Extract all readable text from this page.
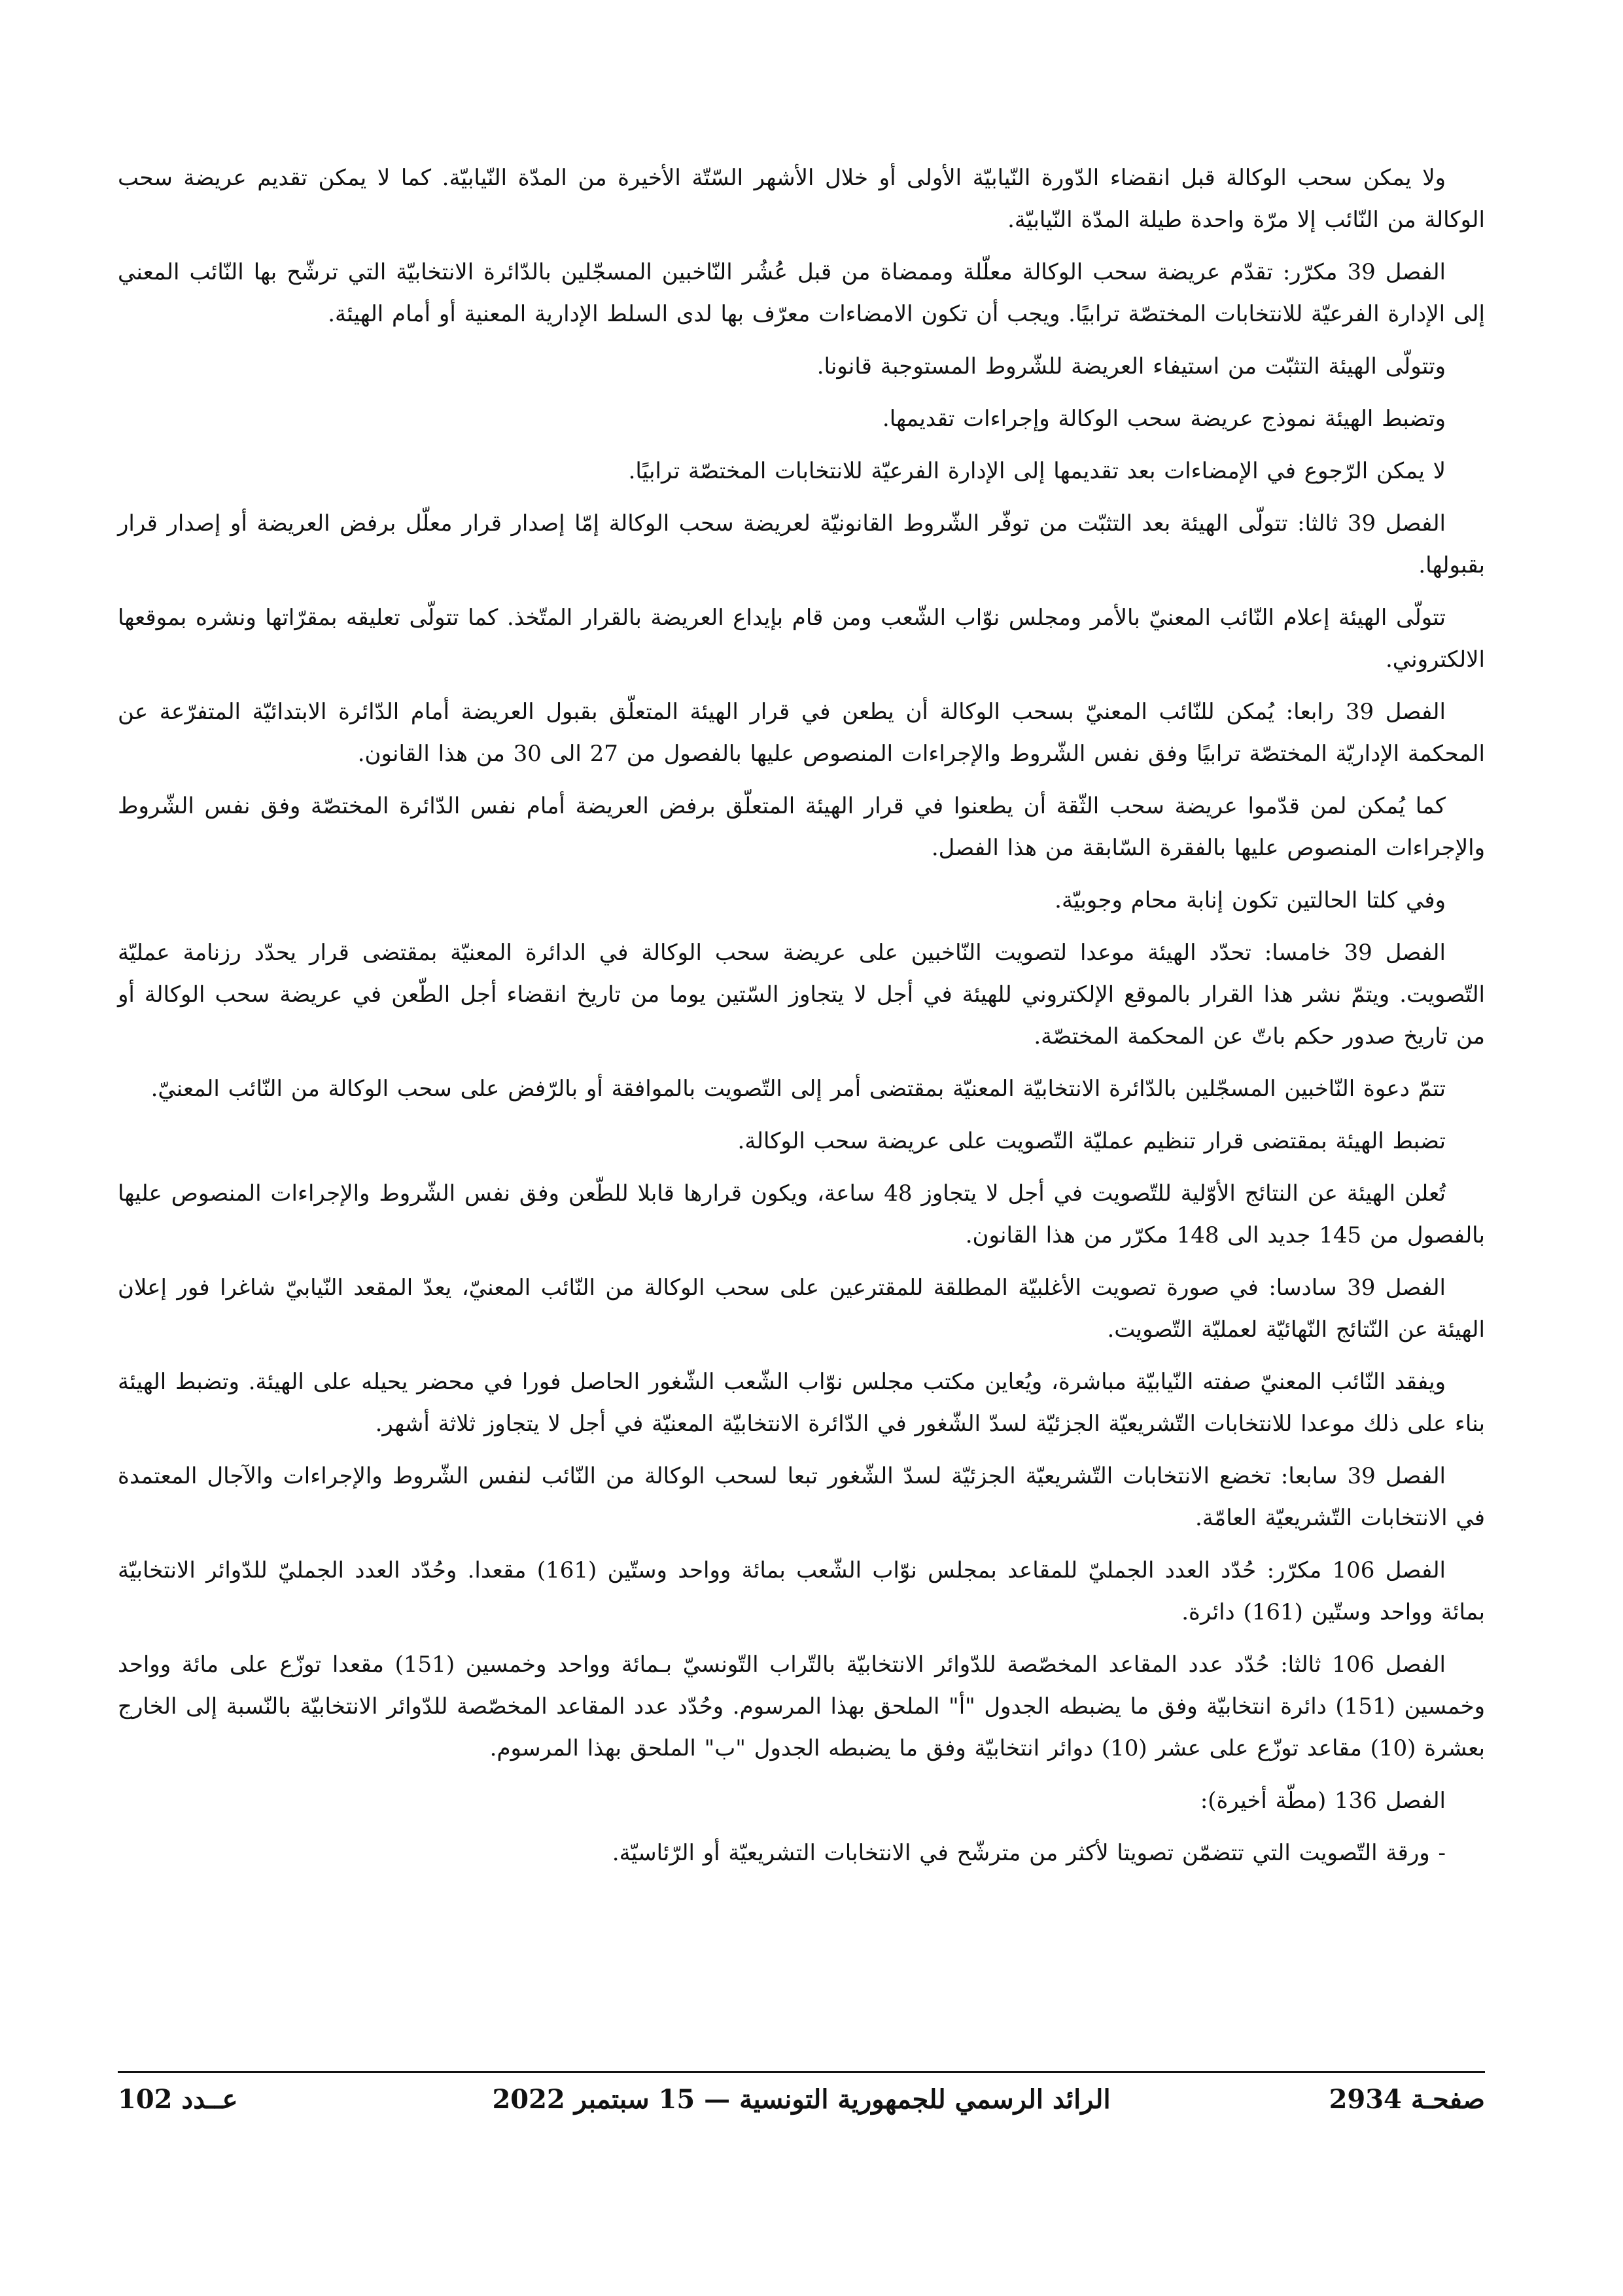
ولا يمكن سحب الوكالة قبل انقضاء الدّورة النّيابيّة الأولى أو خلال الأشهر السّتّة الأخيرة من المدّة النّيابيّة. كما لا يمكن تقديم عريضة سحب الوكالة من النّائب إلا مرّة واحدة طيلة المدّة النّيابيّة.

الفصل 39 مكرّر: تقدّم عريضة سحب الوكالة معلّلة وممضاة من قبل عُشُر النّاخبين المسجّلين بالدّائرة الانتخابيّة التي ترشّح بها النّائب المعني إلى الإدارة الفرعيّة للانتخابات المختصّة ترابيًا. ويجب أن تكون الامضاءات معرّف بها لدى السلط الإدارية المعنية أو أمام الهيئة.

وتتولّى الهيئة التثبّت من استيفاء العريضة للشّروط المستوجبة قانونا.

وتضبط الهيئة نموذج عريضة سحب الوكالة وإجراءات تقديمها.

لا يمكن الرّجوع في الإمضاءات بعد تقديمها إلى الإدارة الفرعيّة للانتخابات المختصّة ترابيًا.

الفصل 39 ثالثا: تتولّى الهيئة بعد التثبّت من توفّر الشّروط القانونيّة لعريضة سحب الوكالة إمّا إصدار قرار معلّل برفض العريضة أو إصدار قرار بقبولها.

تتولّى الهيئة إعلام النّائب المعنيّ بالأمر ومجلس نوّاب الشّعب ومن قام بإيداع العريضة بالقرار المتّخذ. كما تتولّى تعليقه بمقرّاتها ونشره بموقعها الالكتروني.

الفصل 39 رابعا: يُمكن للنّائب المعنيّ بسحب الوكالة أن يطعن في قرار الهيئة المتعلّق بقبول العريضة أمام الدّائرة الابتدائيّة المتفرّعة عن المحكمة الإداريّة المختصّة ترابيًا وفق نفس الشّروط والإجراءات المنصوص عليها بالفصول من 27 الى 30 من هذا القانون.

كما يُمكن لمن قدّموا عريضة سحب الثّقة أن يطعنوا في قرار الهيئة المتعلّق برفض العريضة أمام نفس الدّائرة المختصّة وفق نفس الشّروط والإجراءات المنصوص عليها بالفقرة السّابقة من هذا الفصل.

وفي كلتا الحالتين تكون إنابة محام وجوبيّة.

الفصل 39 خامسا: تحدّد الهيئة موعدا لتصويت النّاخبين على عريضة سحب الوكالة في الدائرة المعنيّة بمقتضى قرار يحدّد رزنامة عمليّة التّصويت. ويتمّ نشر هذا القرار بالموقع الإلكتروني للهيئة في أجل لا يتجاوز السّتين يوما من تاريخ انقضاء أجل الطّعن في عريضة سحب الوكالة أو من تاريخ صدور حكم باتّ عن المحكمة المختصّة.

تتمّ دعوة النّاخبين المسجّلين بالدّائرة الانتخابيّة المعنيّة بمقتضى أمر إلى التّصويت بالموافقة أو بالرّفض على سحب الوكالة من النّائب المعنيّ.

تضبط الهيئة بمقتضى قرار تنظيم عمليّة التّصويت على عريضة سحب الوكالة.

تُعلن الهيئة عن النتائج الأوّلية للتّصويت في أجل لا يتجاوز 48 ساعة، ويكون قرارها قابلا للطّعن وفق نفس الشّروط والإجراءات المنصوص عليها بالفصول من 145 جديد الى 148 مكرّر من هذا القانون.

الفصل 39 سادسا: في صورة تصويت الأغلبيّة المطلقة للمقترعين على سحب الوكالة من النّائب المعنيّ، يعدّ المقعد النّيابيّ شاغرا فور إعلان الهيئة عن النّتائج النّهائيّة لعمليّة التّصويت.

ويفقد النّائب المعنيّ صفته النّيابيّة مباشرة، ويُعاين مكتب مجلس نوّاب الشّعب الشّغور الحاصل فورا في محضر يحيله على الهيئة. وتضبط الهيئة بناء على ذلك موعدا للانتخابات التّشريعيّة الجزئيّة لسدّ الشّغور في الدّائرة الانتخابيّة المعنيّة في أجل لا يتجاوز ثلاثة أشهر.

الفصل 39 سابعا: تخضع الانتخابات التّشريعيّة الجزئيّة لسدّ الشّغور تبعا لسحب الوكالة من النّائب لنفس الشّروط والإجراءات والآجال المعتمدة في الانتخابات التّشريعيّة العامّة.

الفصل 106 مكرّر: حُدّد العدد الجمليّ للمقاعد بمجلس نوّاب الشّعب بمائة وواحد وستّين (161) مقعدا. وحُدّد العدد الجمليّ للدّوائر الانتخابيّة بمائة وواحد وستّين (161) دائرة.

الفصل 106 ثالثا: حُدّد عدد المقاعد المخصّصة للدّوائر الانتخابيّة بالتّراب التّونسيّ بـمائة وواحد وخمسين (151) مقعدا توزّع على مائة وواحد وخمسين (151) دائرة انتخابيّة وفق ما يضبطه الجدول "أ" الملحق بهذا المرسوم. وحُدّد عدد المقاعد المخصّصة للدّوائر الانتخابيّة بالنّسبة إلى الخارج بعشرة (10) مقاعد توزّع على عشر (10) دوائر انتخابيّة وفق ما يضبطه الجدول "ب" الملحق بهذا المرسوم.

الفصل 136 (مطّة أخيرة):

- ورقة التّصويت التي تتضمّن تصويتا لأكثر من مترشّح في الانتخابات التشريعيّة أو الرّئاسيّة.

صفحـة 2934
الرائد الرسمي للجمهورية التونسية — 15 سبتمبر 2022
عــدد 102
